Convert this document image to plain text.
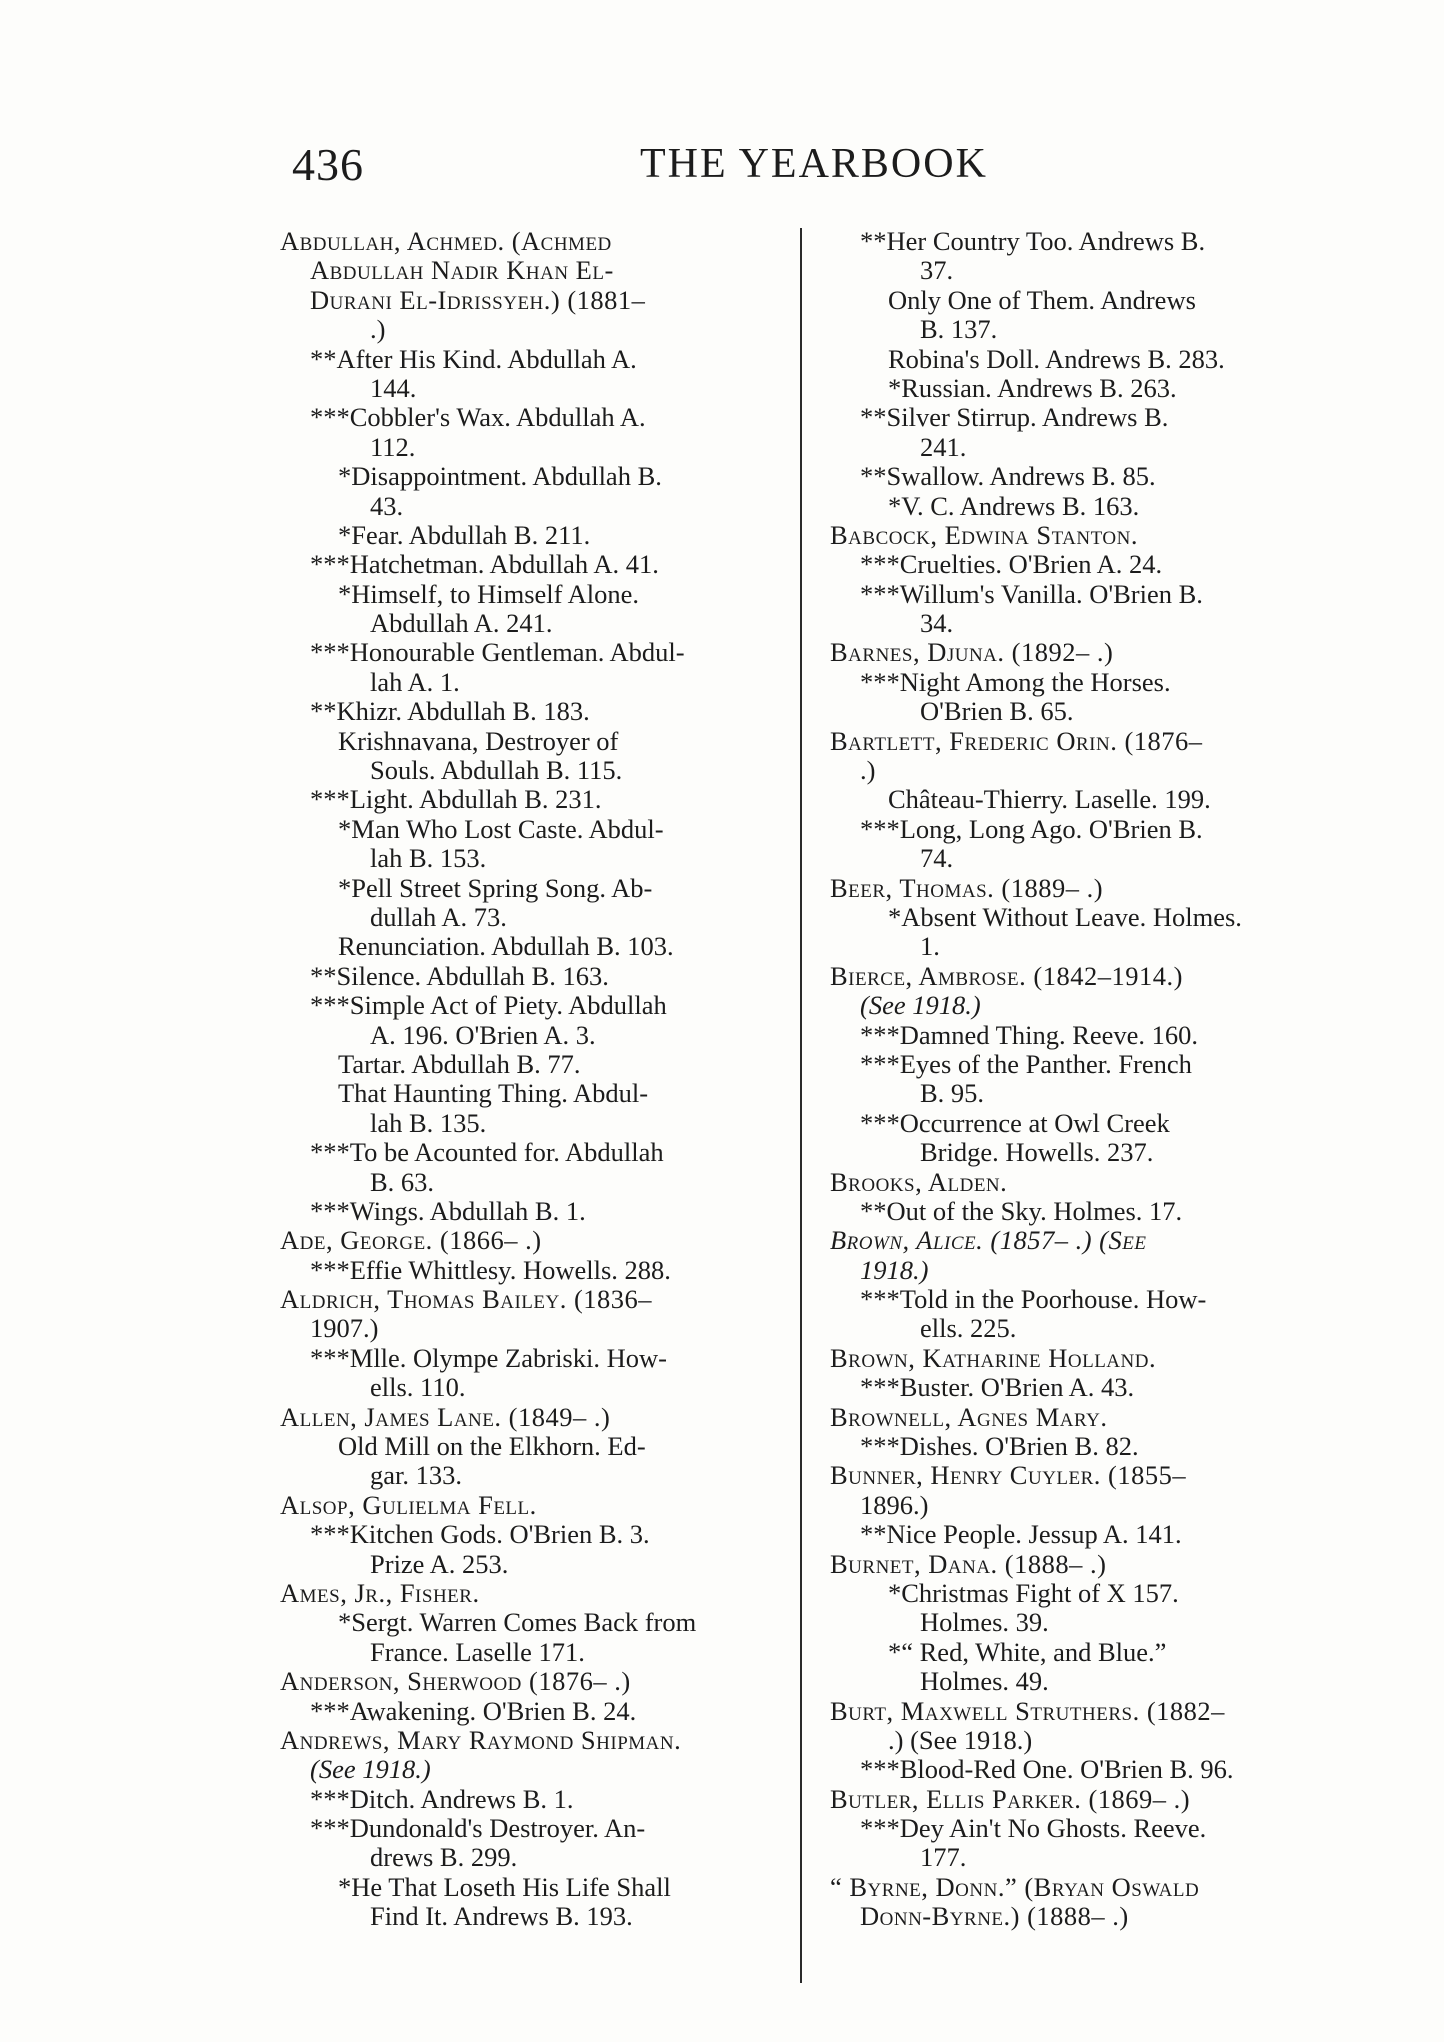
436	THE YEARBOOK
Abdullah, Achmed. (Achmed
Abdullah Nadir Khan El-
Durani El-Idrissyeh.) (1881–
.)
**After His Kind. Abdullah A.
144.
***Cobbler's Wax. Abdullah A.
112.
*Disappointment. Abdullah B.
43.
*Fear. Abdullah B. 211.
***Hatchetman. Abdullah A. 41.
*Himself, to Himself Alone.
Abdullah A. 241.
***Honourable Gentleman. Abdul-
lah A. 1.
**Khizr. Abdullah B. 183.
Krishnavana, Destroyer of
Souls. Abdullah B. 115.
***Light. Abdullah B. 231.
*Man Who Lost Caste. Abdul-
lah B. 153.
*Pell Street Spring Song. Ab-
dullah A. 73.
Renunciation. Abdullah B. 103.
**Silence. Abdullah B. 163.
***Simple Act of Piety. Abdullah
A. 196. O'Brien A. 3.
Tartar. Abdullah B. 77.
That Haunting Thing. Abdul-
lah B. 135.
***To be Acounted for. Abdullah
B. 63.
***Wings. Abdullah B. 1.
Ade, George. (1866– .)
***Effie Whittlesy. Howells. 288.
Aldrich, Thomas Bailey. (1836–
1907.)
***Mlle. Olympe Zabriski. How-
ells. 110.
Allen, James Lane. (1849– .)
Old Mill on the Elkhorn. Ed-
gar. 133.
Alsop, Gulielma Fell.
***Kitchen Gods. O'Brien B. 3.
Prize A. 253.
Ames, Jr., Fisher.
*Sergt. Warren Comes Back from
France. Laselle 171.
Anderson, Sherwood (1876– .)
***Awakening. O'Brien B. 24.
Andrews, Mary Raymond Shipman.
(See 1918.)
***Ditch. Andrews B. 1.
***Dundonald's Destroyer. An-
drews B. 299.
*He That Loseth His Life Shall
Find It. Andrews B. 193.
**Her Country Too. Andrews B.
37.
Only One of Them. Andrews
B. 137.
Robina's Doll. Andrews B. 283.
*Russian. Andrews B. 263.
**Silver Stirrup. Andrews B.
241.
**Swallow. Andrews B. 85.
*V. C. Andrews B. 163.
Babcock, Edwina Stanton.
***Cruelties. O'Brien A. 24.
***Willum's Vanilla. O'Brien B.
34.
Barnes, Djuna. (1892– .)
***Night Among the Horses.
O'Brien B. 65.
Bartlett, Frederic Orin. (1876–
.)
Château-Thierry. Laselle. 199.
***Long, Long Ago. O'Brien B.
74.
Beer, Thomas. (1889– .)
*Absent Without Leave. Holmes.
1.
Bierce, Ambrose. (1842–1914.)
(See 1918.)
***Damned Thing. Reeve. 160.
***Eyes of the Panther. French
B. 95.
***Occurrence at Owl Creek
Bridge. Howells. 237.
Brooks, Alden.
**Out of the Sky. Holmes. 17.
Brown, Alice. (1857– .) (See
1918.)
***Told in the Poorhouse. How-
ells. 225.
Brown, Katharine Holland.
***Buster. O'Brien A. 43.
Brownell, Agnes Mary.
***Dishes. O'Brien B. 82.
Bunner, Henry Cuyler. (1855–
1896.)
**Nice People. Jessup A. 141.
Burnet, Dana. (1888– .)
*Christmas Fight of X 157.
Holmes. 39.
*“ Red, White, and Blue.”
Holmes. 49.
Burt, Maxwell Struthers. (1882–
.) (See 1918.)
***Blood-Red One. O'Brien B. 96.
Butler, Ellis Parker. (1869– .)
***Dey Ain't No Ghosts. Reeve.
177.
“ Byrne, Donn.” (Bryan Oswald
Donn-Byrne.) (1888– .)
